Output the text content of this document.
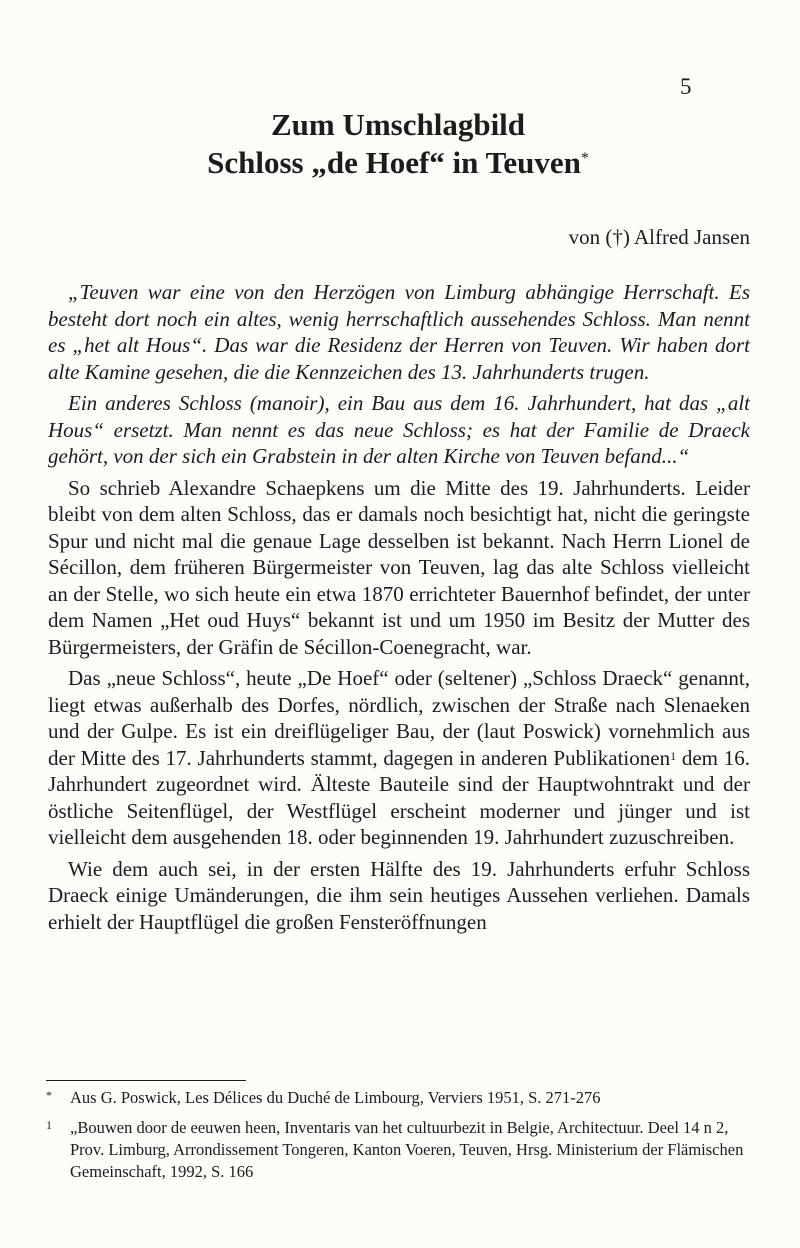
5
Zum Umschlagbild
Schloss „de Hoef“ in Teuven*
von (†) Alfred Jansen

„Teuven war eine von den Herzögen von Limburg abhängige Herrschaft. Es besteht dort noch ein altes, wenig herrschaftlich aussehendes Schloss. Man nennt es „het alt Hous“. Das war die Residenz der Herren von Teuven. Wir haben dort alte Kamine gesehen, die die Kennzeichen des 13. Jahrhunderts trugen.

Ein anderes Schloss (manoir), ein Bau aus dem 16. Jahrhundert, hat das „alt Hous“ ersetzt. Man nennt es das neue Schloss; es hat der Familie de Draeck gehört, von der sich ein Grabstein in der alten Kirche von Teuven befand...“

So schrieb Alexandre Schaepkens um die Mitte des 19. Jahrhunderts. Leider bleibt von dem alten Schloss, das er damals noch besichtigt hat, nicht die geringste Spur und nicht mal die genaue Lage desselben ist bekannt. Nach Herrn Lionel de Sécillon, dem früheren Bürgermeister von Teuven, lag das alte Schloss vielleicht an der Stelle, wo sich heute ein etwa 1870 errichteter Bauernhof befindet, der unter dem Namen „Het oud Huys“ bekannt ist und um 1950 im Besitz der Mutter des Bürgermeisters, der Gräfin de Sécillon-Coenegracht, war.

Das „neue Schloss“, heute „De Hoef“ oder (seltener) „Schloss Draeck“ genannt, liegt etwas außerhalb des Dorfes, nördlich, zwischen der Straße nach Slenaeken und der Gulpe. Es ist ein dreiflügeliger Bau, der (laut Poswick) vornehmlich aus der Mitte des 17. Jahrhunderts stammt, dagegen in anderen Publikationen$^1$ dem 16. Jahrhundert zugeordnet wird. Älteste Bauteile sind der Hauptwohntrakt und der östliche Seitenflügel, der Westflügel erscheint moderner und jünger und ist vielleicht dem ausgehenden 18. oder beginnenden 19. Jahrhundert zuzuschreiben.

Wie dem auch sei, in der ersten Hälfte des 19. Jahrhunderts erfuhr Schloss Draeck einige Umänderungen, die ihm sein heutiges Aussehen verliehen. Damals erhielt der Hauptflügel die großen Fensteröffnungen

* Aus G. Poswick, Les Délices du Duché de Limbourg, Verviers 1951, S. 271-276

1 „Bouwen door de eeuwen heen, Inventaris van het cultuurbezit in Belgie, Architectuur. Deel 14 n 2, Prov. Limburg, Arrondissement Tongeren, Kanton Voeren, Teuven, Hrsg. Ministerium der Flämischen Gemeinschaft, 1992, S. 166
